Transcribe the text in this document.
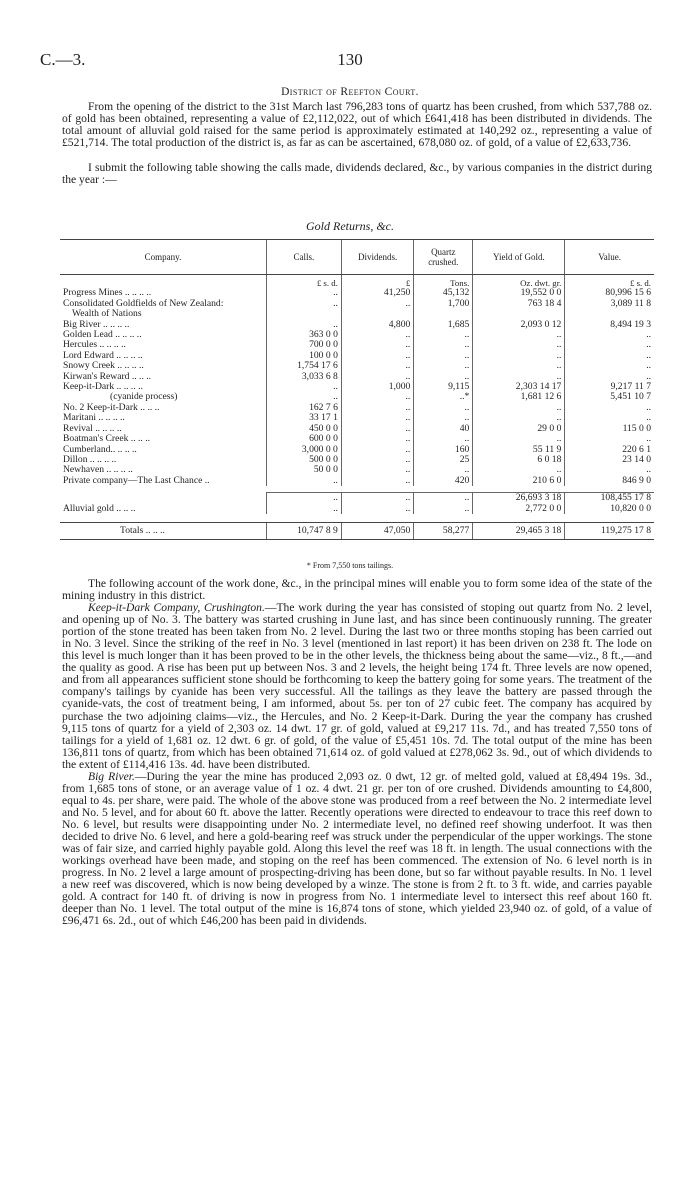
C.—3.	130
District of Reefton Court.

From the opening of the district to the 31st March last 796,283 tons of quartz has been crushed, from which 537,788 oz. of gold has been obtained, representing a value of £2,112,022, out of which £641,418 has been distributed in dividends. The total amount of alluvial gold raised for the same period is approximately estimated at 140,292 oz., representing a value of £521,714. The total production of the district is, as far as can be ascertained, 678,080 oz. of gold, of a value of £2,633,736.

I submit the following table showing the calls made, dividends declared, &c., by various companies in the district during the year :—

Gold Returns, &c.
Company.	Calls.	Dividends.	Quartz crushed.	Yield of Gold.	Value.
	£ s. d.	£	Tons.	Oz. dwt. gr.	£ s. d.
Progress Mines .. .. .. ..	..	41,250	45,132	19,552 0 0	80,996 15 6
Consolidated Goldfields of New Zealand:	..	..	1,700	763 18 4	3,089 11 8
Wealth of Nations					
Big River .. .. .. ..	..	4,800	1,685	2,093 0 12	8,494 19 3
Golden Lead .. .. .. ..	363 0 0	..	..	..	..
Hercules .. .. .. ..	700 0 0	..	..	..	..
Lord Edward .. .. .. ..	100 0 0	..	..	..	..
Snowy Creek .. .. .. ..	1,754 17 6	..	..	..	..
Kirwan's Reward .. .. ..	3,033 6 8	..	..	..	..
Keep-it-Dark .. .. .. ..	..	1,000	9,115	2,303 14 17	9,217 11 7
(cyanide process)	..	..	..*	1,681 12 6	5,451 10 7
No. 2 Keep-it-Dark .. .. ..	162 7 6	..	..	..	..
Maritani .. .. .. ..	33 17 1	..	..	..	..
Revival .. .. .. ..	450 0 0	..	40	29 0 0	115 0 0
Boatman's Creek .. .. ..	600 0 0	..	..	..	..
Cumberland.. .. .. ..	3,000 0 0	..	160	55 11 9	220 6 1
Dillon .. .. .. ..	500 0 0	..	25	6 0 18	23 14 0
Newhaven .. .. .. ..	50 0 0	..	..	..	..
Private company—The Last Chance ..	..	..	420	210 6 0	846 9 0

	..	..	..	26,693 3 18	108,455 17 8
Alluvial gold .. .. ..	..	..	..	2,772 0 0	10,820 0 0

Totals .. .. ..	10,747 8 9	47,050	58,277	29,465 3 18	119,275 17 8
* From 7,550 tons tailings.

The following account of the work done, &c., in the principal mines will enable you to form some idea of the state of the mining industry in this district.

Keep-it-Dark Company, Crushington.—The work during the year has consisted of stoping out quartz from No. 2 level, and opening up of No. 3. The battery was started crushing in June last, and has since been continuously running. The greater portion of the stone treated has been taken from No. 2 level. During the last two or three months stoping has been carried out in No. 3 level. Since the striking of the reef in No. 3 level (mentioned in last report) it has been driven on 238 ft. The lode on this level is much longer than it has been proved to be in the other levels, the thickness being about the same—viz., 8 ft.,—and the quality as good. A rise has been put up between Nos. 3 and 2 levels, the height being 174 ft. Three levels are now opened, and from all appearances sufficient stone should be forthcoming to keep the battery going for some years. The treatment of the company's tailings by cyanide has been very successful. All the tailings as they leave the battery are passed through the cyanide-vats, the cost of treatment being, I am informed, about 5s. per ton of 27 cubic feet. The company has acquired by purchase the two adjoining claims—viz., the Hercules, and No. 2 Keep-it-Dark. During the year the company has crushed 9,115 tons of quartz for a yield of 2,303 oz. 14 dwt. 17 gr. of gold, valued at £9,217 11s. 7d., and has treated 7,550 tons of tailings for a yield of 1,681 oz. 12 dwt. 6 gr. of gold, of the value of £5,451 10s. 7d. The total output of the mine has been 136,811 tons of quartz, from which has been obtained 71,614 oz. of gold valued at £278,062 3s. 9d., out of which dividends to the extent of £114,416 13s. 4d. have been distributed.

Big River.—During the year the mine has produced 2,093 oz. 0 dwt, 12 gr. of melted gold, valued at £8,494 19s. 3d., from 1,685 tons of stone, or an average value of 1 oz. 4 dwt. 21 gr. per ton of ore crushed. Dividends amounting to £4,800, equal to 4s. per share, were paid. The whole of the above stone was produced from a reef between the No. 2 intermediate level and No. 5 level, and for about 60 ft. above the latter. Recently operations were directed to endeavour to trace this reef down to No. 6 level, but results were disappointing under No. 2 intermediate level, no defined reef showing underfoot. It was then decided to drive No. 6 level, and here a gold-bearing reef was struck under the perpendicular of the upper workings. The stone was of fair size, and carried highly payable gold. Along this level the reef was 18 ft. in length. The usual connections with the workings overhead have been made, and stoping on the reef has been commenced. The extension of No. 6 level north is in progress. In No. 2 level a large amount of prospecting-driving has been done, but so far without payable results. In No. 1 level a new reef was discovered, which is now being developed by a winze. The stone is from 2 ft. to 3 ft. wide, and carries payable gold. A contract for 140 ft. of driving is now in progress from No. 1 intermediate level to intersect this reef about 160 ft. deeper than No. 1 level. The total output of the mine is 16,874 tons of stone, which yielded 23,940 oz. of gold, of a value of £96,471 6s. 2d., out of which £46,200 has been paid in dividends.
